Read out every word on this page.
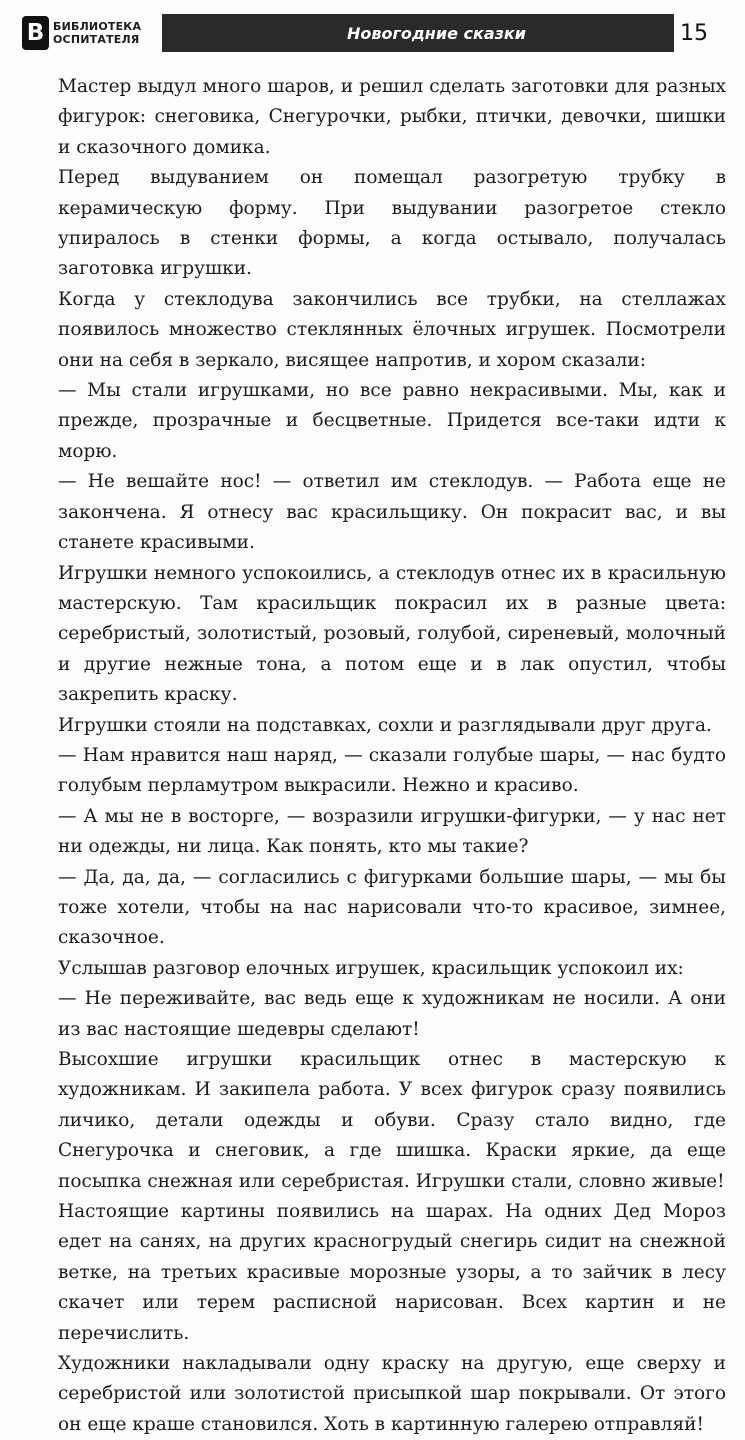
B БИБЛИОТЕКА
ОСПИТАТЕЛЯ	Новогодние сказки	15

Мастер выдул много шаров, и решил сделать заготовки для разных фигурок: снеговика, Снегурочки, рыбки, птички, девочки, шишки и сказочного домика.

Перед выдуванием он помещал разогретую трубку в керамическую форму. При выдувании разогретое стекло упиралось в стенки формы, а когда остывало, получалась заготовка игрушки.

Когда у стеклодува закончились все трубки, на стеллажах появилось множество стеклянных ёлочных игрушек. Посмотрели они на себя в зеркало, висящее напротив, и хором сказали:

— Мы стали игрушками, но все равно некрасивыми. Мы, как и прежде, прозрачные и бесцветные. Придется все-таки идти к морю.

— Не вешайте нос! — ответил им стеклодув. — Работа еще не закончена. Я отнесу вас красильщику. Он покрасит вас, и вы станете красивыми.

Игрушки немного успокоились, а стеклодув отнес их в красильную мастерскую. Там красильщик покрасил их в разные цвета: серебристый, золотистый, розовый, голубой, сиреневый, молочный и другие нежные тона, а потом еще и в лак опустил, чтобы закрепить краску.

Игрушки стояли на подставках, сохли и разглядывали друг друга.

— Нам нравится наш наряд, — сказали голубые шары, — нас будто голубым перламутром выкрасили. Нежно и красиво.

— А мы не в восторге, — возразили игрушки-фигурки, — у нас нет ни одежды, ни лица. Как понять, кто мы такие?

— Да, да, да, — согласились с фигурками большие шары, — мы бы тоже хотели, чтобы на нас нарисовали что-то красивое, зимнее, сказочное.

Услышав разговор елочных игрушек, красильщик успокоил их:

— Не переживайте, вас ведь еще к художникам не носили. А они из вас настоящие шедевры сделают!

Высохшие игрушки красильщик отнес в мастерскую к художникам. И закипела работа. У всех фигурок сразу появились личико, детали одежды и обуви. Сразу стало видно, где Снегурочка и снеговик, а где шишка. Краски яркие, да еще посыпка снежная или серебристая. Игрушки стали, словно живые!

Настоящие картины появились на шарах. На одних Дед Мороз едет на санях, на других красногрудый снегирь сидит на снежной ветке, на третьих красивые морозные узоры, а то зайчик в лесу скачет или терем расписной нарисован. Всех картин и не перечислить.

Художники накладывали одну краску на другую, еще сверху и серебристой или золотистой присыпкой шар покрывали. От этого он еще краше становился. Хоть в картинную галерею отправляй!
